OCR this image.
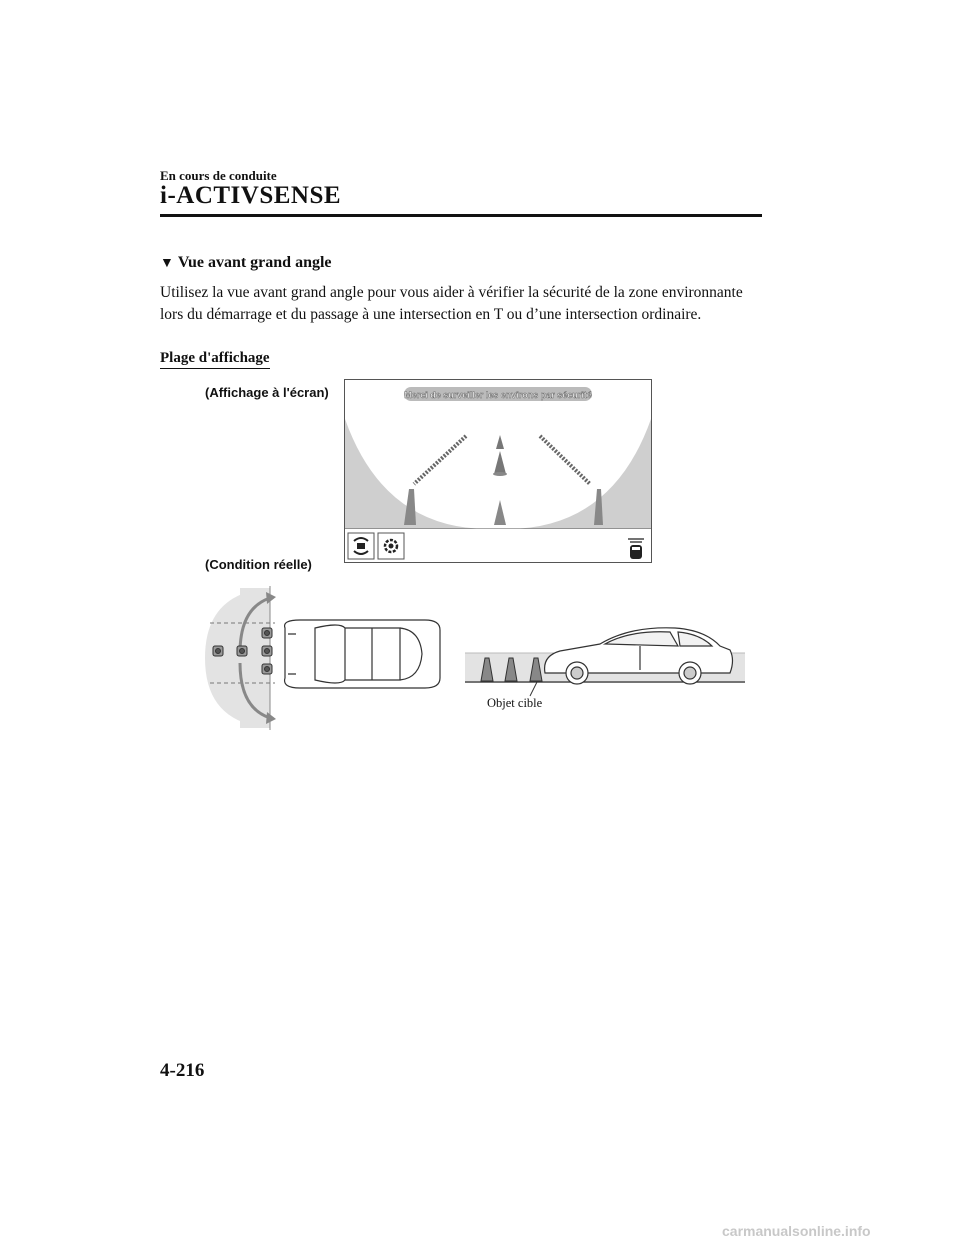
En cours de conduite
i-ACTIVSENSE
▼ Vue avant grand angle
Utilisez la vue avant grand angle pour vous aider à vérifier la sécurité de la zone environnante lors du démarrage et du passage à une intersection en T ou d’une intersection ordinaire.
Plage d'affichage
(Affichage à l'écran)	Merci de surveiller les environs par sécurité
(Condition réelle)
Objet cible
4-216
carmanualsonline.info
